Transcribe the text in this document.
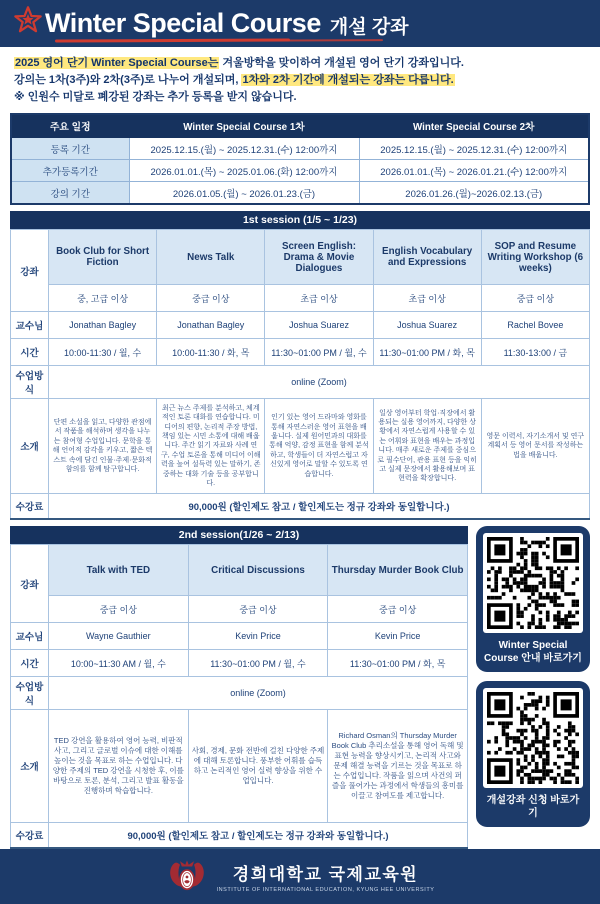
Winter Special Course 개설 강좌
2025 영어 단기 Winter Special Course는 겨울방학을 맞이하여 개설된 영어 단기 강좌입니다.
강의는 1차(3주)와 2차(3주)로 나누어 개설되며, 1차와 2차 기간에 개설되는 강좌는 다릅니다.
※ 인원수 미달로 폐강된 강좌는 추가 등록을 받지 않습니다.
주요 일정	Winter Special Course 1차	Winter Special Course 2차
등록 기간	2025.12.15.(월) ~ 2025.12.31.(수) 12:00까지	2025.12.15.(월) ~ 2025.12.31.(수) 12:00까지
추가등록기간	2026.01.01.(목) ~ 2025.01.06.(화) 12:00까지	2026.01.01.(목) ~ 2026.01.21.(수) 12:00까지
강의 기간	2026.01.05.(월) ~ 2026.01.23.(금)	2026.01.26.(월)~2026.02.13.(금)
1st session (1/5 ~ 1/23)
강좌	Book Club for Short Fiction	News Talk	Screen English: Drama & Movie Dialogues	English Vocabulary and Expressions	SOP and Resume Writing Workshop (6 weeks)
	중, 고급 이상	중급 이상	초급 이상	초급 이상	중급 이상
교수님	Jonathan Bagley	Jonathan Bagley	Joshua Suarez	Joshua Suarez	Rachel Bovee
시간	10:00-11:30 / 월, 수	10:00-11:30 / 화, 목	11:30~01:00 PM / 월, 수	11:30~01:00 PM / 화, 목	11:30-13:00 / 금
수업방식	online (Zoom)				
소개	단편 소설을 읽고, 다양한 관점에서 작품을 해석하며 생각을 나누는 참여형 수업입니다. 문학을 통해 언어적 감각을 키우고, 짧은 텍스트 속에 담긴 인물·주제·문화적 함의를 함께 탐구합니다.	최근 뉴스 주제를 분석하고, 체계적인 토론 대화를 연습합니다. 미디어의 편향, 논리적 주장 방법, 책임 있는 시민 소통에 대해 배웁니다. 주간 읽기 자료와 사례 연구, 수업 토론을 통해 미디어 이해력을 높여 설득력 있는 말하기, 존중하는 대화 기술 등을 공부합니다.	인기 있는 영어 드라마와 영화를 통해 자연스러운 영어 표현을 배웁니다. 실제 원어민과의 대화를 통해 억양, 감정 표현을 함께 분석하고, 학생들이 더 자연스럽고 자신있게 영어로 말할 수 있도록 연습합니다.	일상 영어부터 학업·직장에서 활용되는 실용 영어까지, 다양한 상황에서 자연스럽게 사용할 수 있는 어휘와 표현을 배우는 과정입니다. 매주 새로운 주제를 중심으로 필수단어, 관용 표현 등을 익히고 실제 문장에서 활용해보며 표현력을 확장합니다.	영문 이력서, 자기소개서 및 연구계획서 등 영어 문서를 작성하는 법을 배웁니다.
수강료	90,000원 (할인제도 참고 / 할인제도는 정규 강좌와 동일합니다.)				
2nd session(1/26 ~ 2/13)
강좌	Talk with TED	Critical Discussions	Thursday Murder Book Club
	중급 이상	중급 이상	중급 이상
교수님	Wayne Gauthier	Kevin Price	Kevin Price
시간	10:00~11:30 AM / 월, 수	11:30~01:00 PM / 월, 수	11:30~01:00 PM / 화, 목
수업방식	online (Zoom)		
소개	TED 강연을 활용하여 영어 능력, 비판적 사고, 그리고 글로벌 이슈에 대한 이해를 높이는 것을 목표로 하는 수업입니다. 다양한 주제의 TED 강연을 시청한 후, 이를 바탕으로 토론, 분석, 그리고 발표 활동을 진행하며 학습합니다.	사회, 경제, 문화 전반에 걸친 다양한 주제에 대해 토론합니다. 풍부한 어휘를 습득하고 논리적인 영어 실력 향상을 위한 수업입니다.	Richard Osman의 Thursday Murder Book Club 추리소설을 통해 영어 독해 및 표현 능력을 향상시키고, 논리적 사고와 문제 해결 능력을 기르는 것을 목표로 하는 수업입니다. 작품을 읽으며 사건의 퍼즐을 풀어가는 과정에서 학생들의 흥미를 이끌고 참여도를 제고합니다.
수강료	90,000원 (할인제도 참고 / 할인제도는 정규 강좌와 동일합니다.)		
Winter Special Course 안내 바로가기
개설강좌 신청 바로가기
경희대학교 국제교육원
INSTITUTE OF INTERNATIONAL EDUCATION, KYUNG HEE UNIVERSITY
